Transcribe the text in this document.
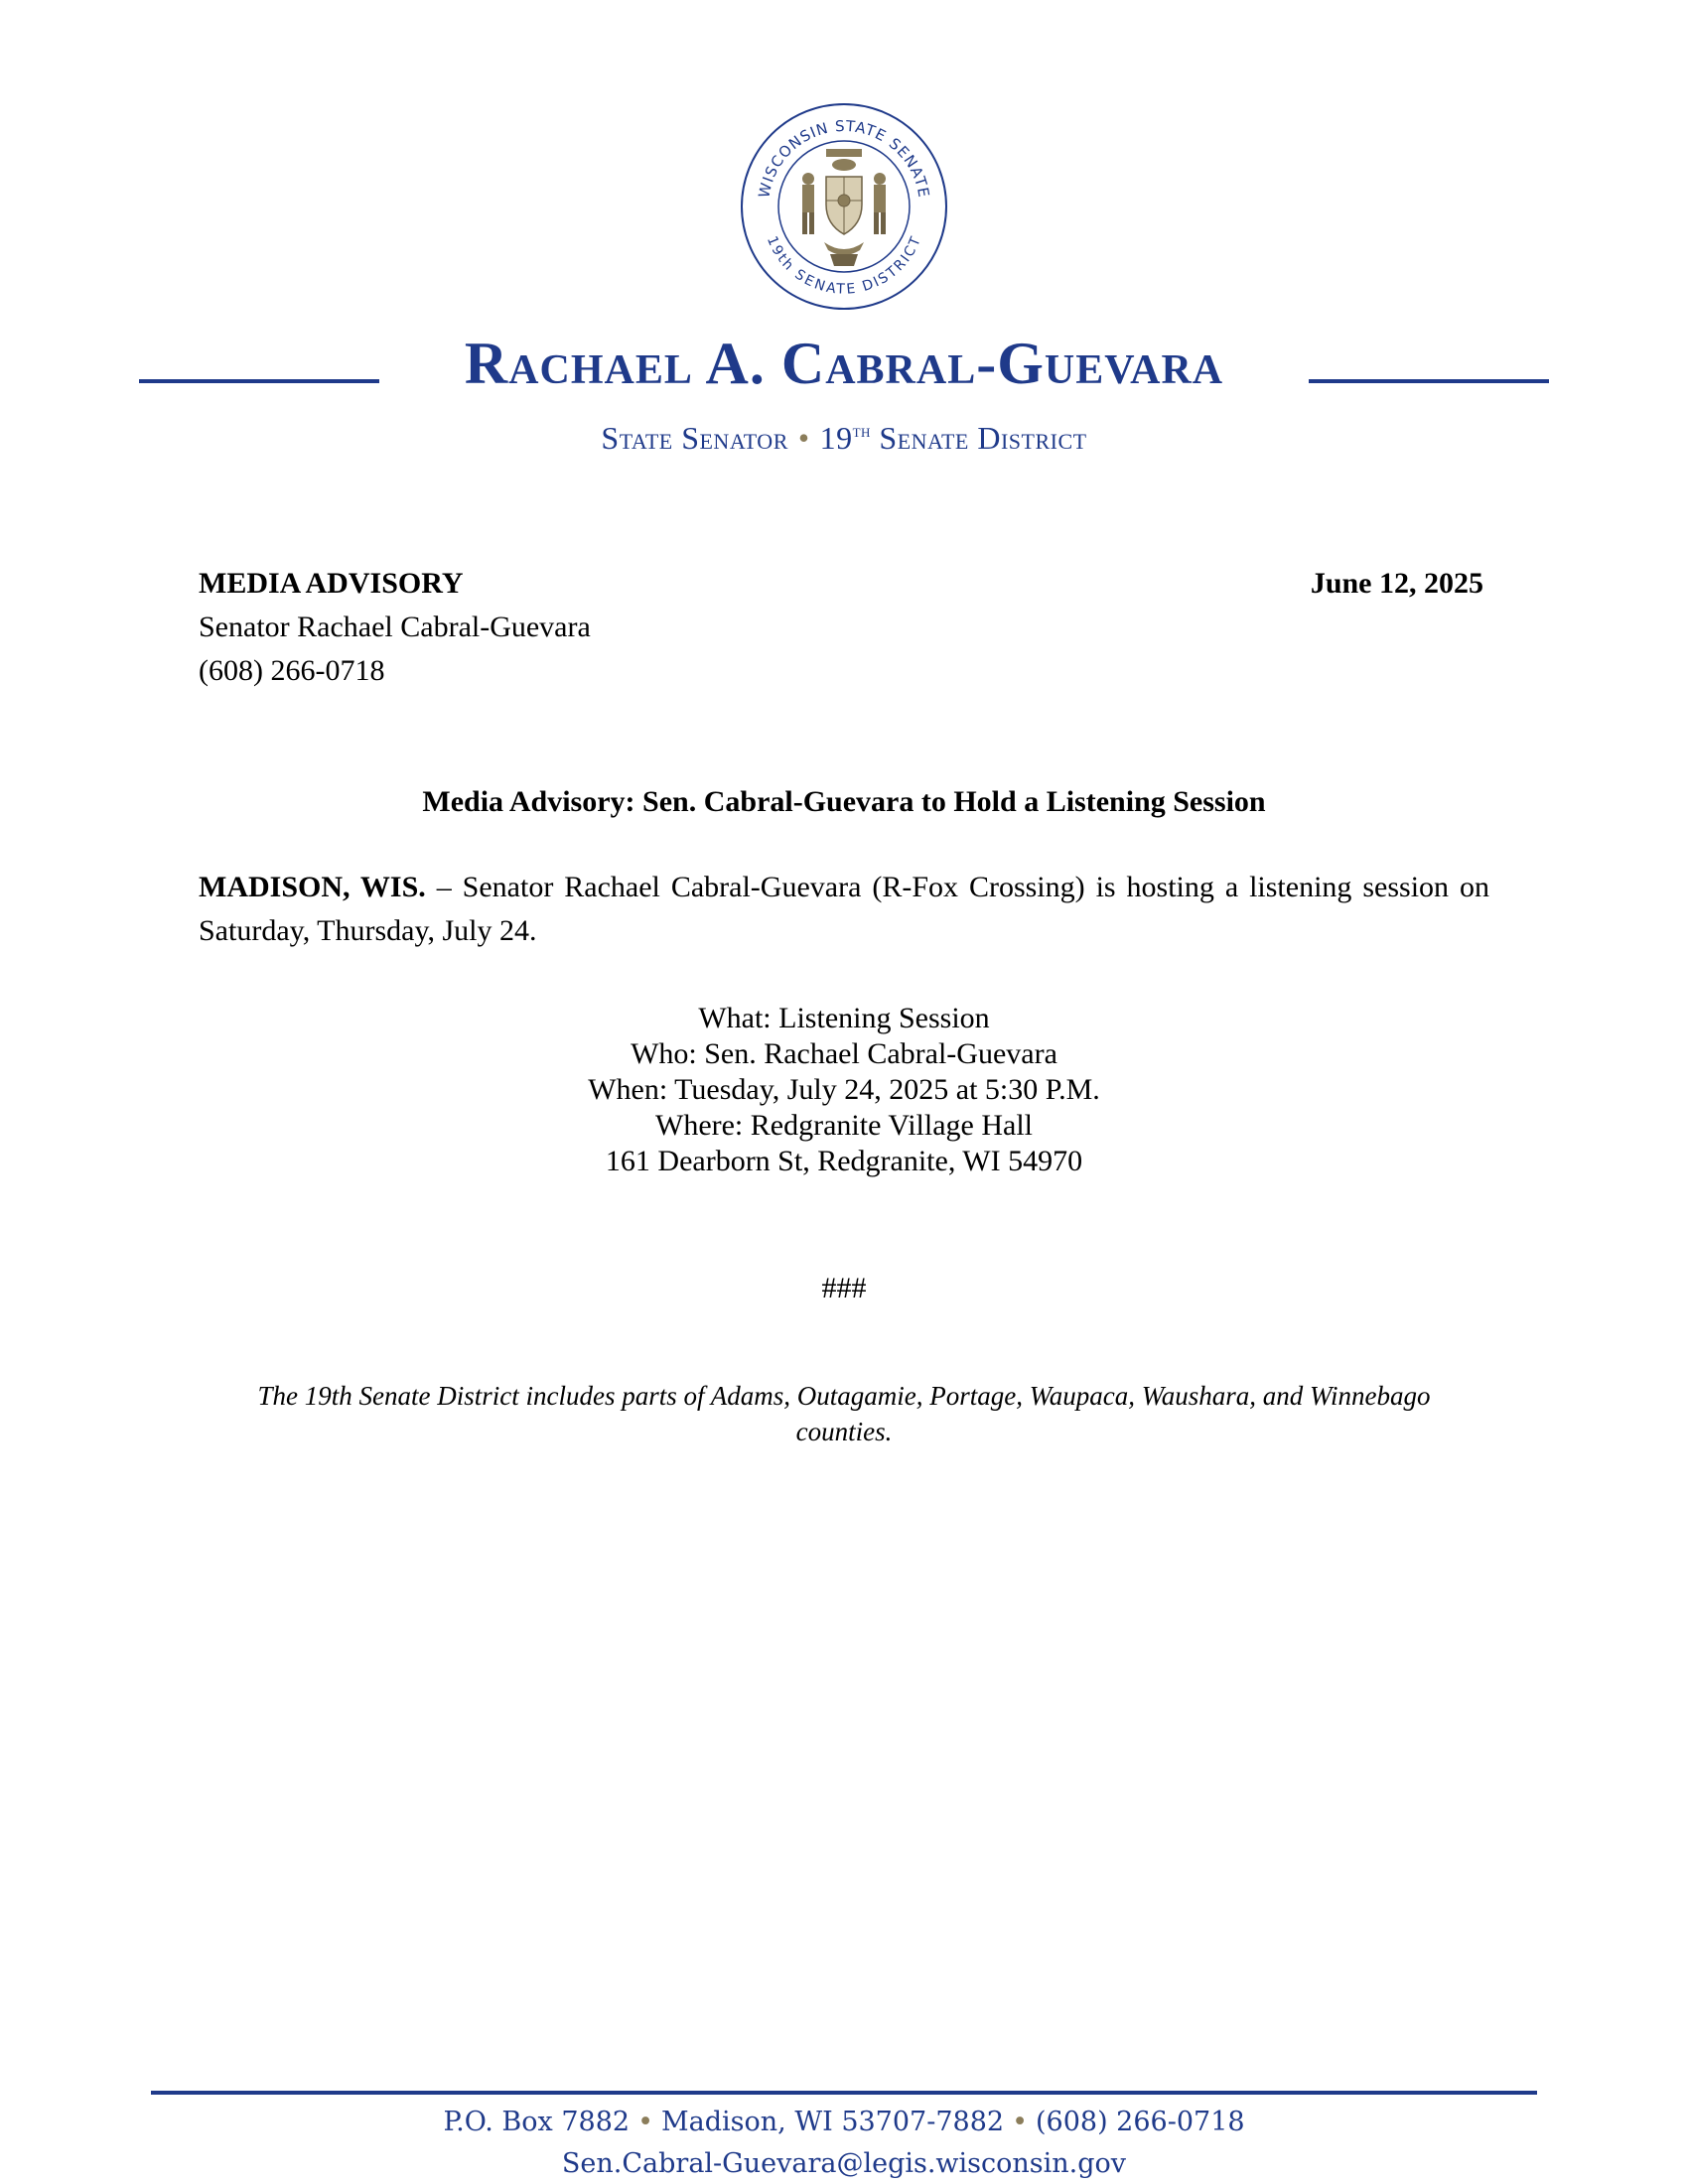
WISCONSIN STATE SENATE
19th SENATE DISTRICT
Rachael A. Cabral-Guevara
State Senator • 19th Senate District
MEDIA ADVISORY	June 12, 2025
Senator Rachael Cabral-Guevara
(608) 266-0718
Media Advisory: Sen. Cabral-Guevara to Hold a Listening Session
MADISON, WIS. – Senator Rachael Cabral-Guevara (R-Fox Crossing) is hosting a listening session on Saturday, Thursday, July 24.
What: Listening Session
Who: Sen. Rachael Cabral-Guevara
When: Tuesday, July 24, 2025 at 5:30 P.M.
Where: Redgranite Village Hall
161 Dearborn St, Redgranite, WI 54970
###
The 19th Senate District includes parts of Adams, Outagamie, Portage, Waupaca, Waushara, and Winnebago counties.
P.O. Box 7882 • Madison, WI 53707-7882 • (608) 266-0718
Sen.Cabral-Guevara@legis.wisconsin.gov
